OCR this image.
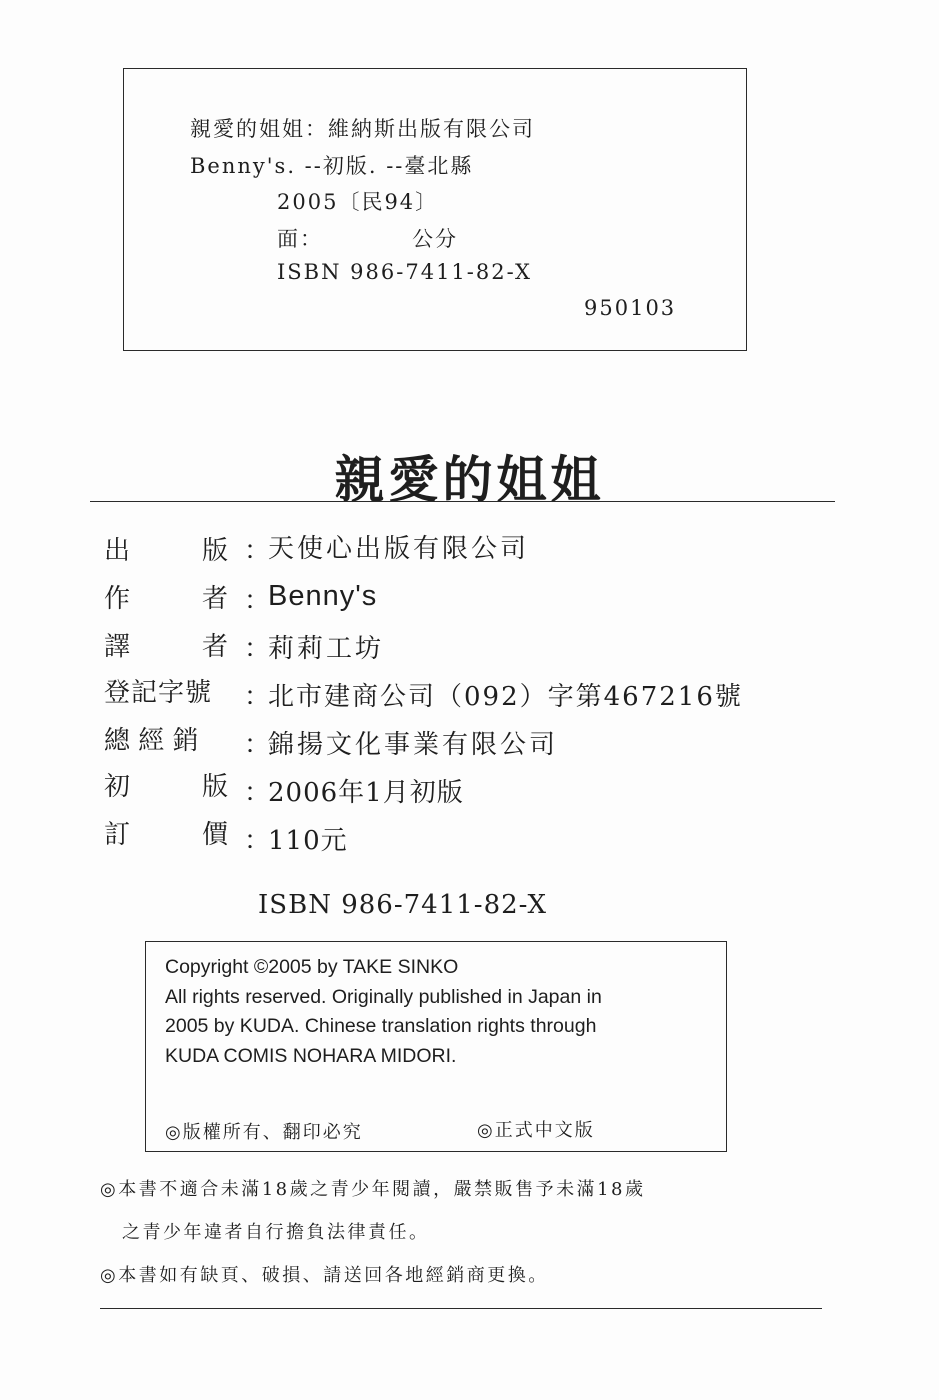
親愛的姐姐：維納斯出版有限公司
Benny's. --初版. --臺北縣
2005〔民94〕
面：	公分
ISBN 986-7411-82-X
950103
親愛的姐姐
出	版 ：
天使心出版有限公司
作	者 ：
Benny's
譯	者 ：
莉莉工坊
登記字號 ：
北市建商公司（092）字第467216號
總 經 銷 ：
錦揚文化事業有限公司
初	版 ：
2006年1月初版
訂	價 ：
110元
ISBN 986-7411-82-X
Copyright ©2005 by TAKE SINKO
All rights reserved. Originally published in Japan in
2005 by KUDA. Chinese translation rights through
KUDA COMIS NOHARA MIDORI.
◎版權所有、翻印必究	◎正式中文版
◎本書不適合未滿18歲之青少年閱讀，嚴禁販售予未滿18歲
之青少年違者自行擔負法律責任。
◎本書如有缺頁、破損、請送回各地經銷商更換。
